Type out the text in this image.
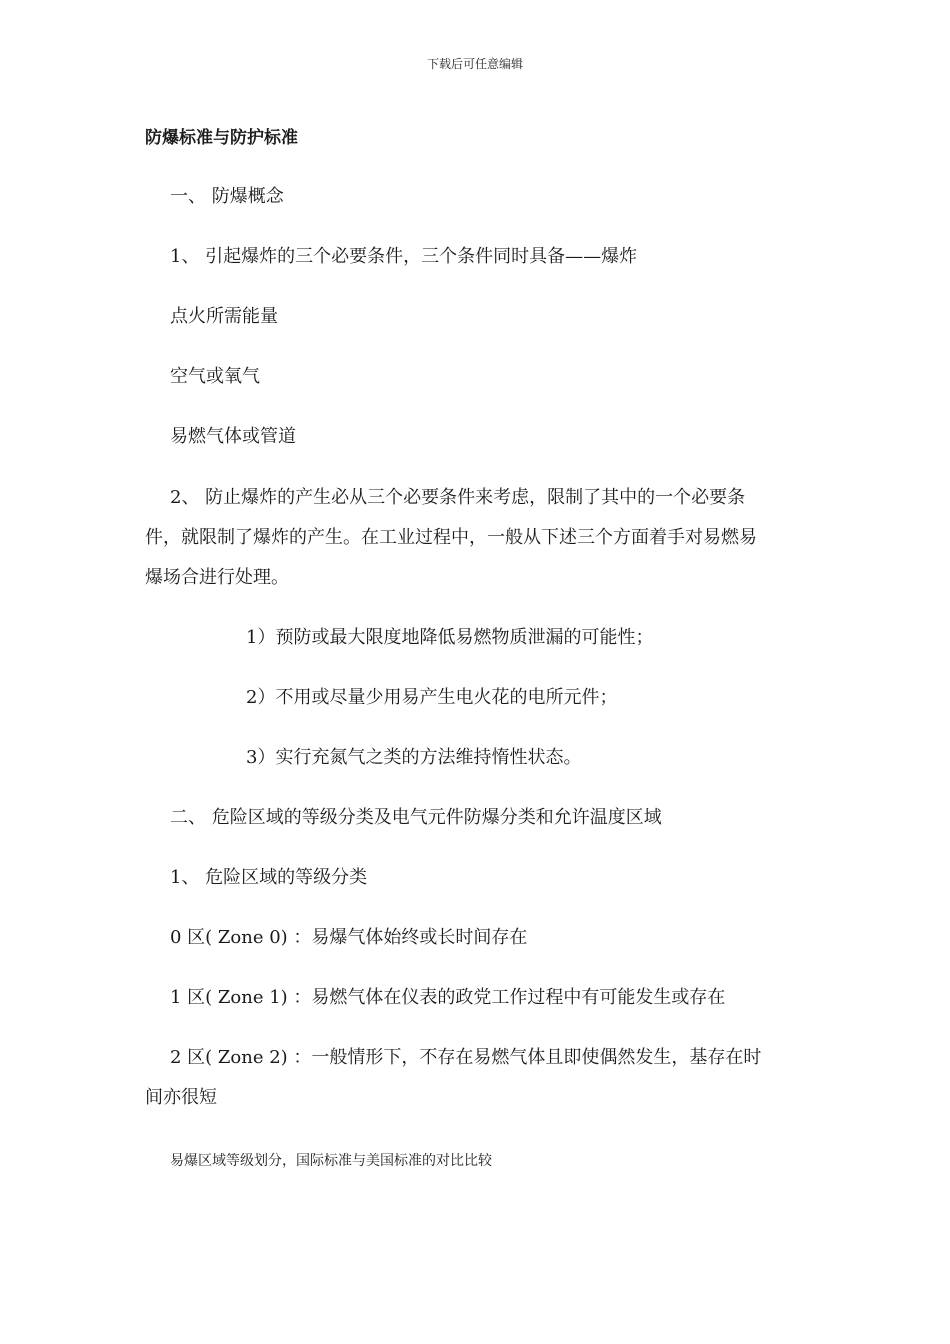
下载后可任意编辑
防爆标准与防护标准
一、 防爆概念
1、 引起爆炸的三个必要条件，三个条件同时具备——爆炸
点火所需能量
空气或氧气
易燃气体或管道
2、 防止爆炸的产生必从三个必要条件来考虑，限制了其中的一个必要条
件，就限制了爆炸的产生。在工业过程中，一般从下述三个方面着手对易燃易
爆场合进行处理。
1）预防或最大限度地降低易燃物质泄漏的可能性；
2）不用或尽量少用易产生电火花的电所元件；
3）实行充氮气之类的方法维持惰性状态。
二、 危险区域的等级分类及电气元件防爆分类和允许温度区域
1、 危险区域的等级分类
0 区( Zone 0) ：易爆气体始终或长时间存在
1 区( Zone 1) ：易燃气体在仪表的政党工作过程中有可能发生或存在
2 区( Zone 2) ：一般情形下，不存在易燃气体且即使偶然发生，基存在时
间亦很短
易爆区域等级划分，国际标准与美国标准的对比比较
